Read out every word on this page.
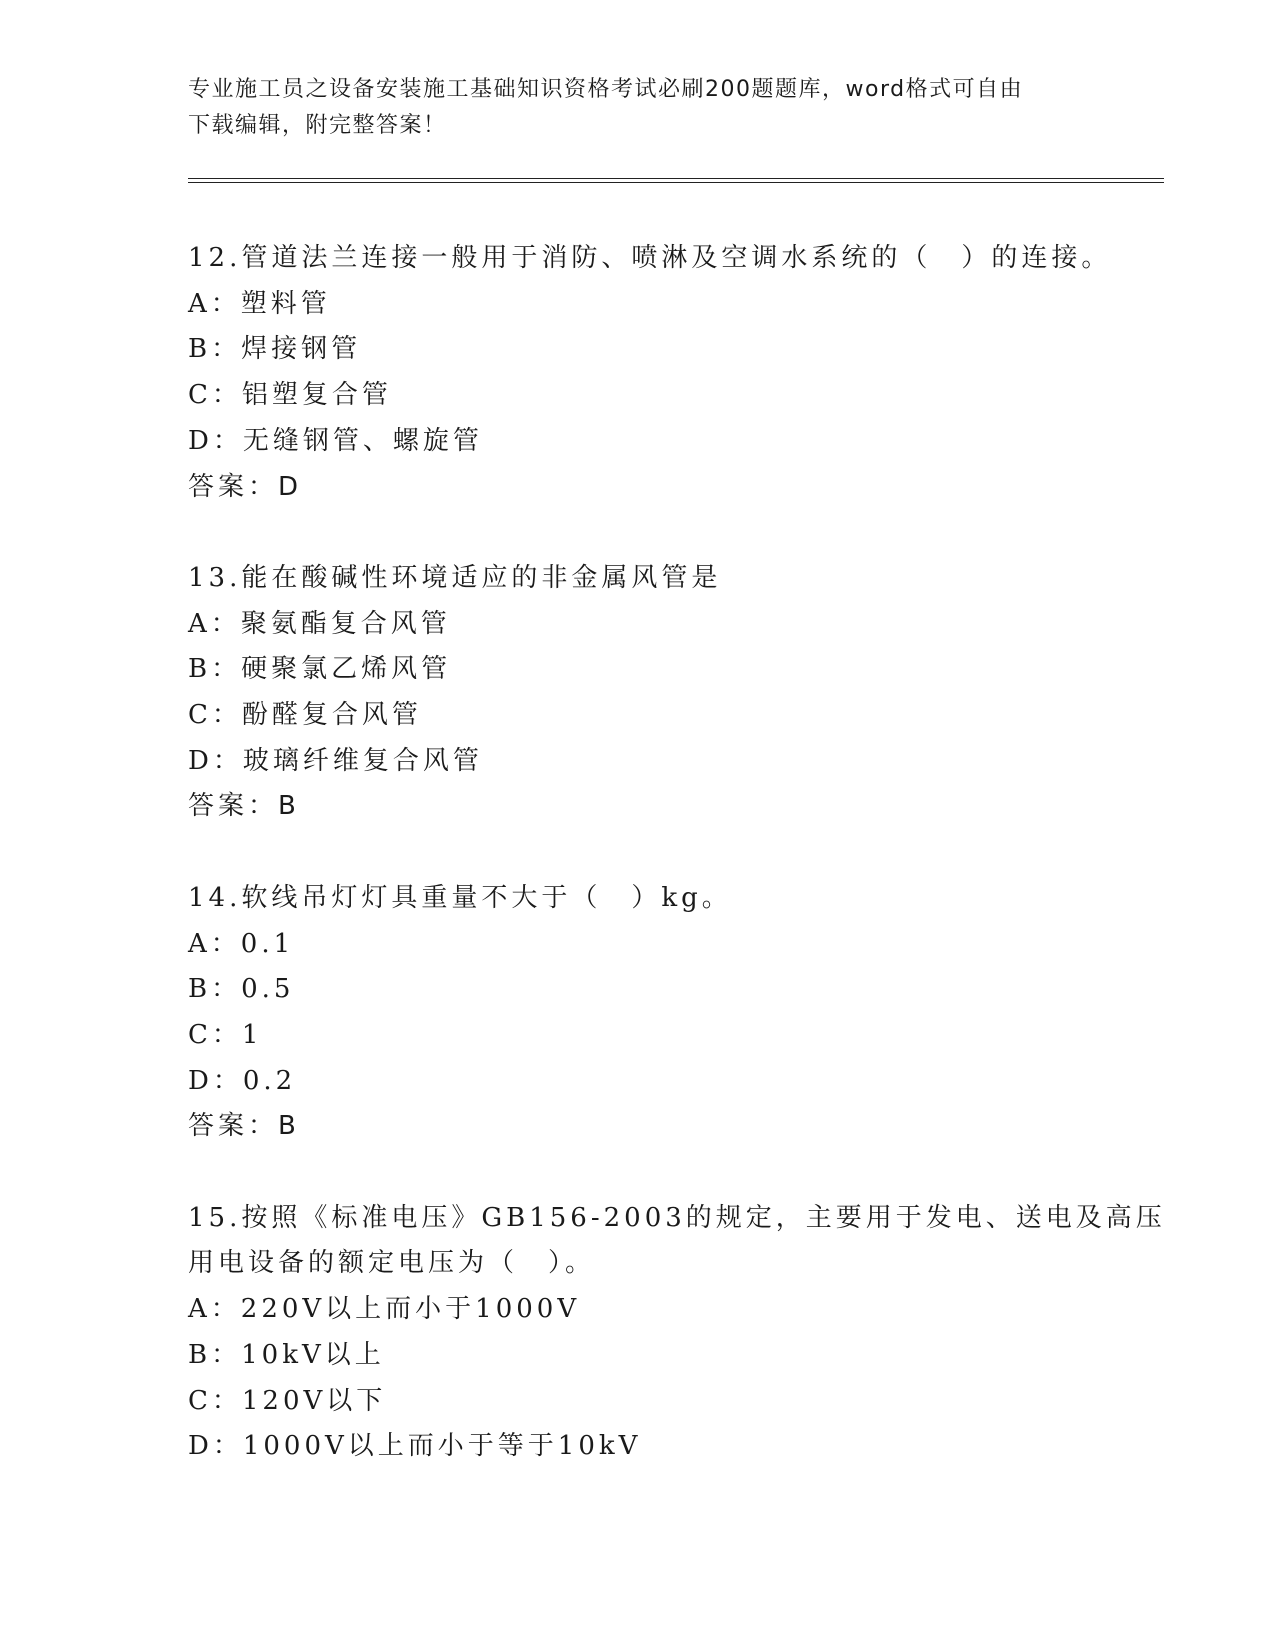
专业施工员之设备安装施工基础知识资格考试必刷200题题库，word格式可自由
下载编辑，附完整答案！

12.管道法兰连接一般用于消防、喷淋及空调水系统的（　）的连接。

A：塑料管

B：焊接钢管

C：铝塑复合管

D：无缝钢管、螺旋管

答案：D

13.能在酸碱性环境适应的非金属风管是

A：聚氨酯复合风管

B：硬聚氯乙烯风管

C：酚醛复合风管

D：玻璃纤维复合风管

答案：B

14.软线吊灯灯具重量不大于（　）kg。

A：0.1

B：0.5

C：1

D：0.2

答案：B

15.按照《标准电压》GB156-2003的规定，主要用于发电、送电及高压

用电设备的额定电压为（　）。

A：220V以上而小于1000V

B：10kV以上

C：120V以下

D：1000V以上而小于等于10kV
